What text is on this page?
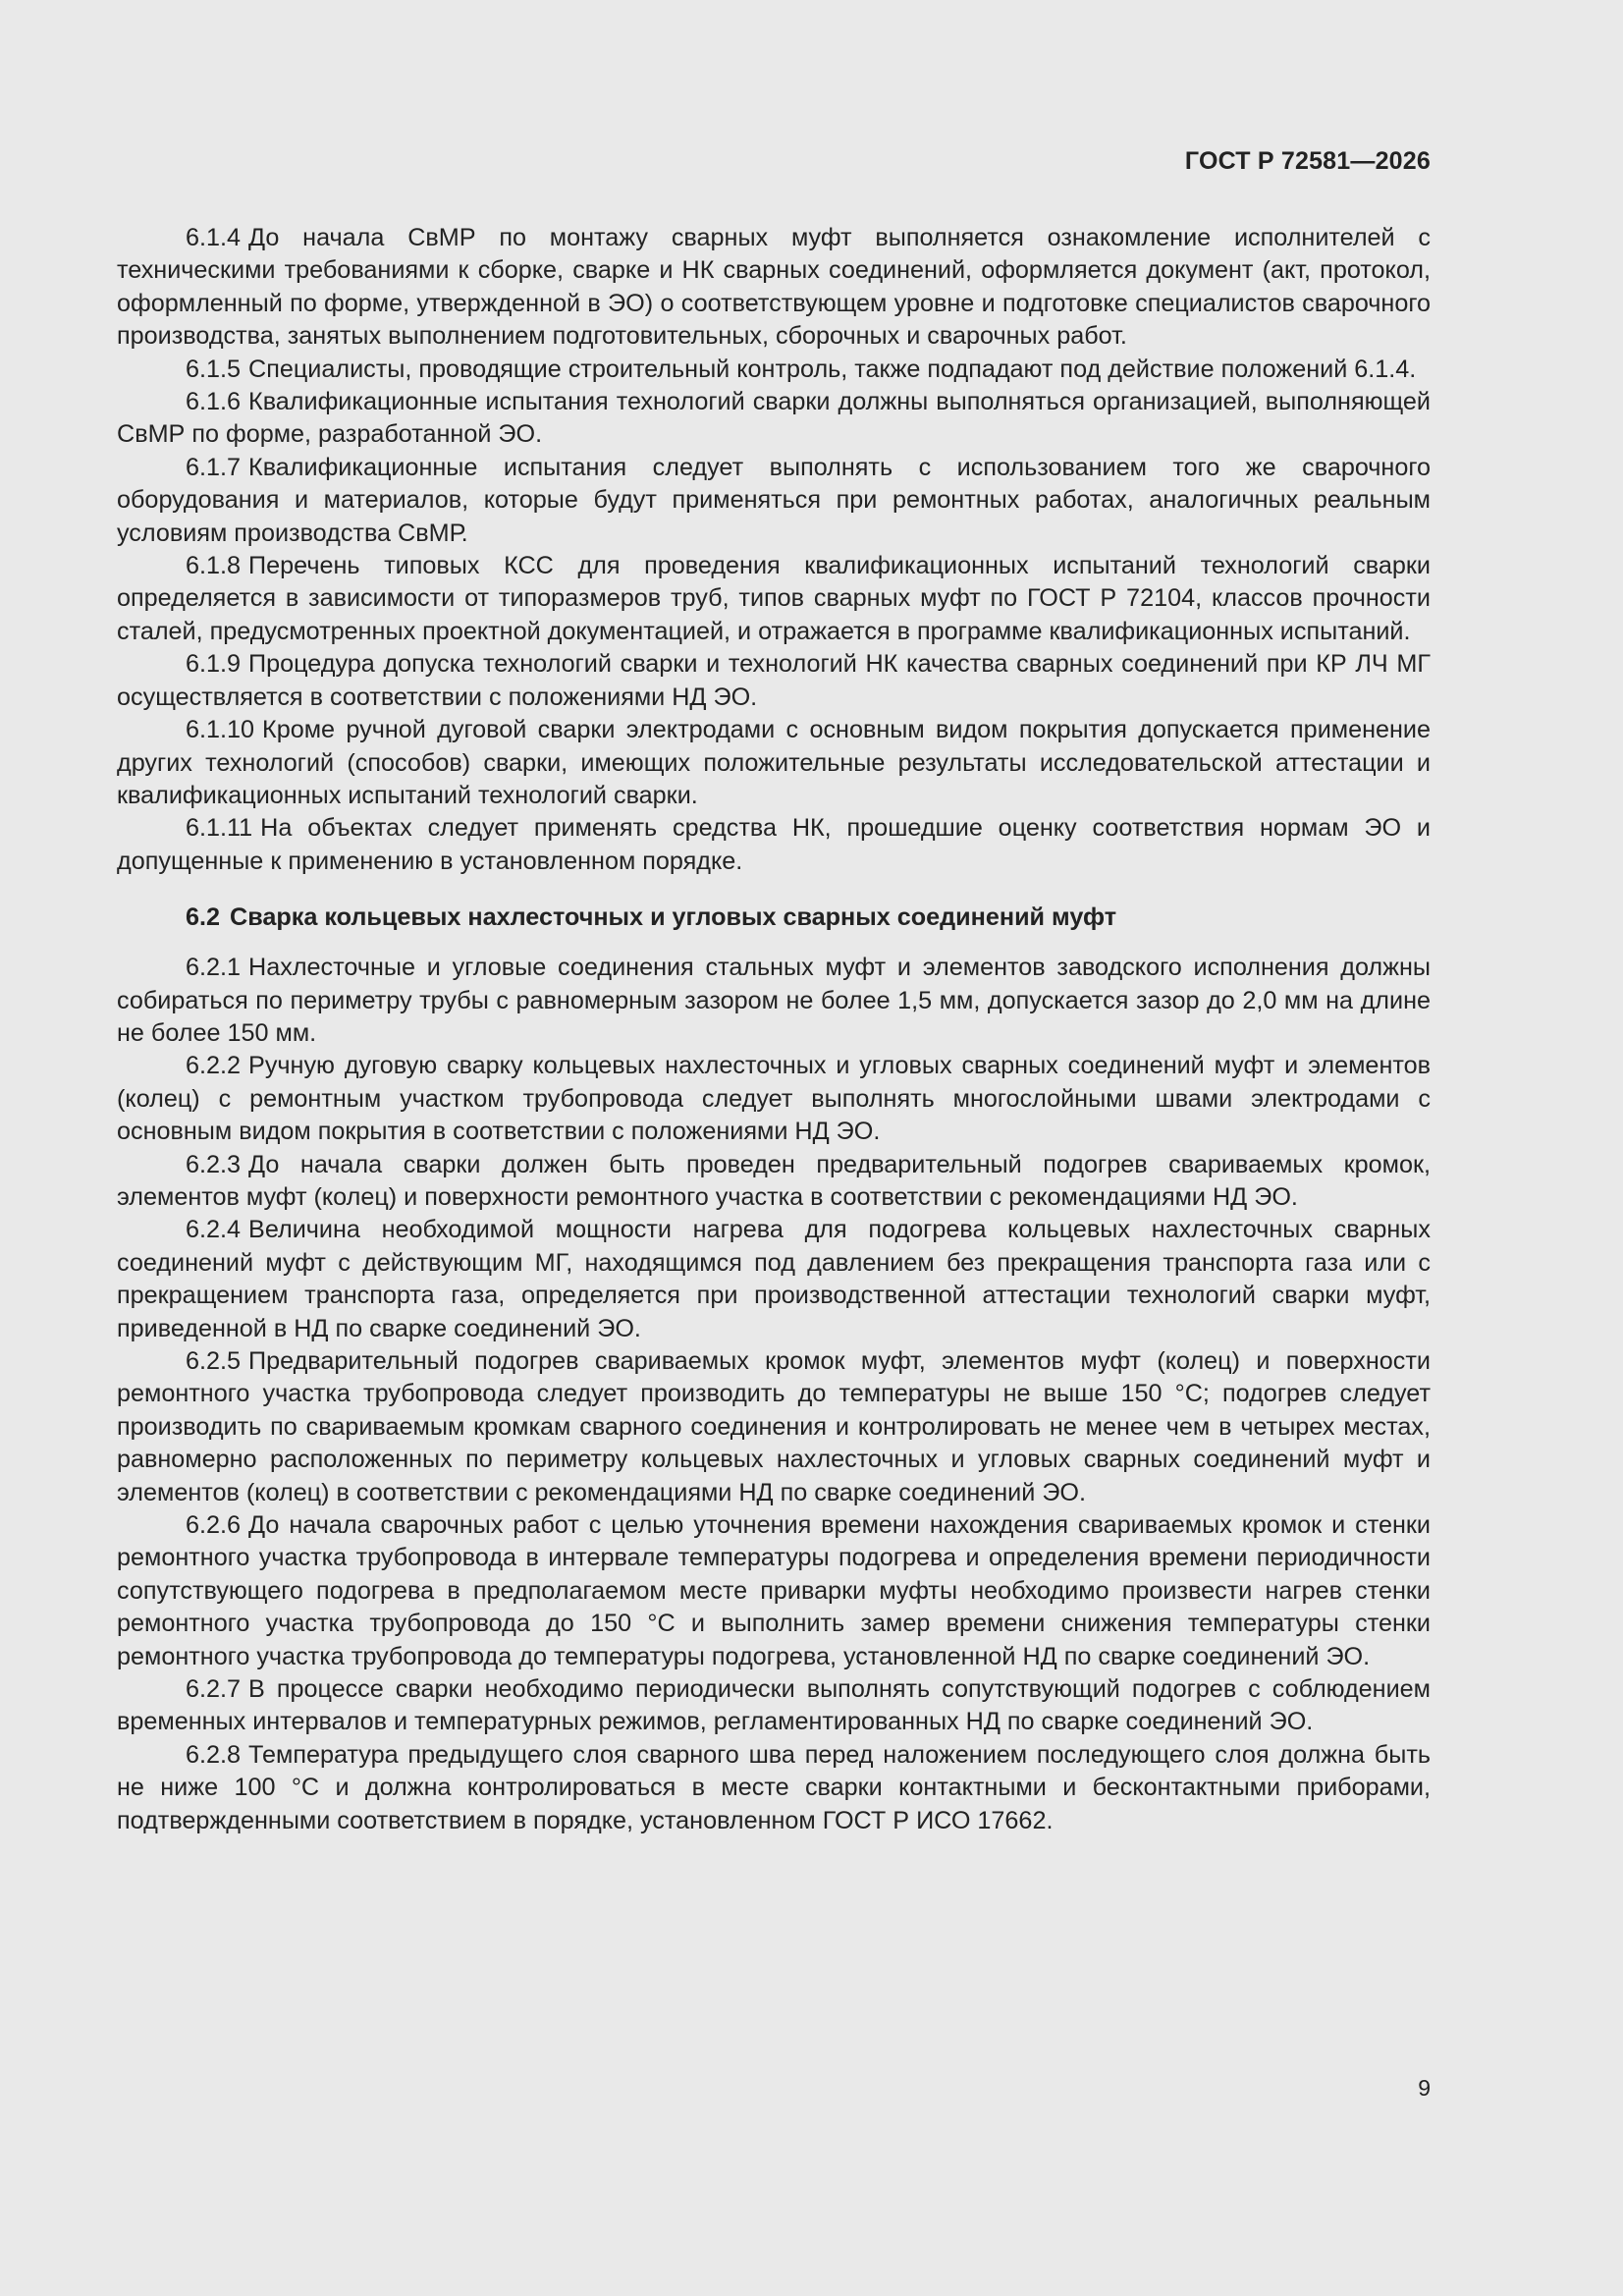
ГОСТ Р 72581—2026

6.1.4 До начала СвМР по монтажу сварных муфт выполняется ознакомление исполнителей с техническими требованиями к сборке, сварке и НК сварных соединений, оформляется документ (акт, протокол, оформленный по форме, утвержденной в ЭО) о соответствующем уровне и подготовке специалистов сварочного производства, занятых выполнением подготовительных, сборочных и сварочных работ.

6.1.5 Специалисты, проводящие строительный контроль, также подпадают под действие положений 6.1.4.

6.1.6 Квалификационные испытания технологий сварки должны выполняться организацией, выполняющей СвМР по форме, разработанной ЭО.

6.1.7 Квалификационные испытания следует выполнять с использованием того же сварочного оборудования и материалов, которые будут применяться при ремонтных работах, аналогичных реальным условиям производства СвМР.

6.1.8 Перечень типовых КСС для проведения квалификационных испытаний технологий сварки определяется в зависимости от типоразмеров труб, типов сварных муфт по ГОСТ Р 72104, классов прочности сталей, предусмотренных проектной документацией, и отражается в программе квалификационных испытаний.

6.1.9 Процедура допуска технологий сварки и технологий НК качества сварных соединений при КР ЛЧ МГ осуществляется в соответствии с положениями НД ЭО.

6.1.10 Кроме ручной дуговой сварки электродами с основным видом покрытия допускается применение других технологий (способов) сварки, имеющих положительные результаты исследовательской аттестации и квалификационных испытаний технологий сварки.

6.1.11 На объектах следует применять средства НК, прошедшие оценку соответствия нормам ЭО и допущенные к применению в установленном порядке.

6.2 Сварка кольцевых нахлесточных и угловых сварных соединений муфт

6.2.1 Нахлесточные и угловые соединения стальных муфт и элементов заводского исполнения должны собираться по периметру трубы с равномерным зазором не более 1,5 мм, допускается зазор до 2,0 мм на длине не более 150 мм.

6.2.2 Ручную дуговую сварку кольцевых нахлесточных и угловых сварных соединений муфт и элементов (колец) с ремонтным участком трубопровода следует выполнять многослойными швами электродами с основным видом покрытия в соответствии с положениями НД ЭО.

6.2.3 До начала сварки должен быть проведен предварительный подогрев свариваемых кромок, элементов муфт (колец) и поверхности ремонтного участка в соответствии с рекомендациями НД ЭО.

6.2.4 Величина необходимой мощности нагрева для подогрева кольцевых нахлесточных сварных соединений муфт с действующим МГ, находящимся под давлением без прекращения транспорта газа или с прекращением транспорта газа, определяется при производственной аттестации технологий сварки муфт, приведенной в НД по сварке соединений ЭО.

6.2.5 Предварительный подогрев свариваемых кромок муфт, элементов муфт (колец) и поверхности ремонтного участка трубопровода следует производить до температуры не выше 150 °С; подогрев следует производить по свариваемым кромкам сварного соединения и контролировать не менее чем в четырех местах, равномерно расположенных по периметру кольцевых нахлесточных и угловых сварных соединений муфт и элементов (колец) в соответствии с рекомендациями НД по сварке соединений ЭО.

6.2.6 До начала сварочных работ с целью уточнения времени нахождения свариваемых кромок и стенки ремонтного участка трубопровода в интервале температуры подогрева и определения времени периодичности сопутствующего подогрева в предполагаемом месте приварки муфты необходимо произвести нагрев стенки ремонтного участка трубопровода до 150 °С и выполнить замер времени снижения температуры стенки ремонтного участка трубопровода до температуры подогрева, установленной НД по сварке соединений ЭО.

6.2.7 В процессе сварки необходимо периодически выполнять сопутствующий подогрев с соблюдением временных интервалов и температурных режимов, регламентированных НД по сварке соединений ЭО.

6.2.8 Температура предыдущего слоя сварного шва перед наложением последующего слоя должна быть не ниже 100 °С и должна контролироваться в месте сварки контактными и бесконтактными приборами, подтвержденными соответствием в порядке, установленном ГОСТ Р ИСО 17662.

9
